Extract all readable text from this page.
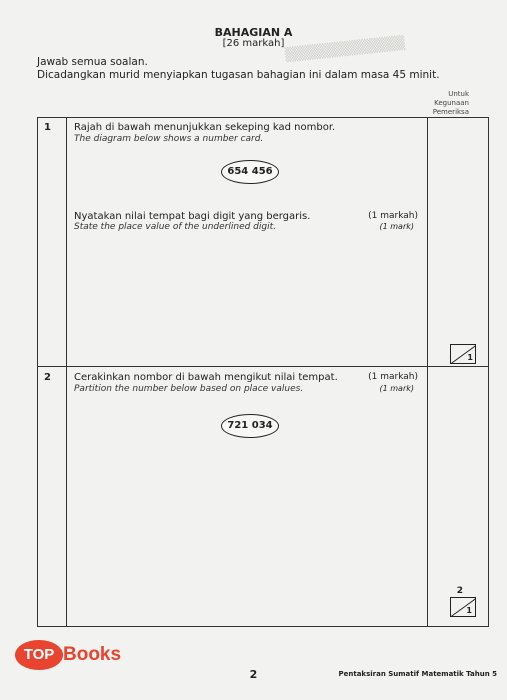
▒▒▒▒▒▒▒▒▒▒▒▒
BAHAGIAN A
[26 markah]
Jawab semua soalan.
Dicadangkan murid menyiapkan tugasan bahagian ini dalam masa 45 minit.
Untuk
Kegunaan
Pemeriksa
1 Rajah di bawah menunjukkan sekeping kad nombor.
The diagram below shows a number card.
654 456
Nyatakan nilai tempat bagi digit yang bergaris.
State the place value of the underlined digit.
(1 markah)
(1 mark)
1
2 Cerakinkan nombor di bawah mengikut nilai tempat.
Partition the number below based on place values.
(1 markah)
(1 mark)
721 034
2
1
2	Pentaksiran Sumatif Matematik Tahun 5
TOP Books
